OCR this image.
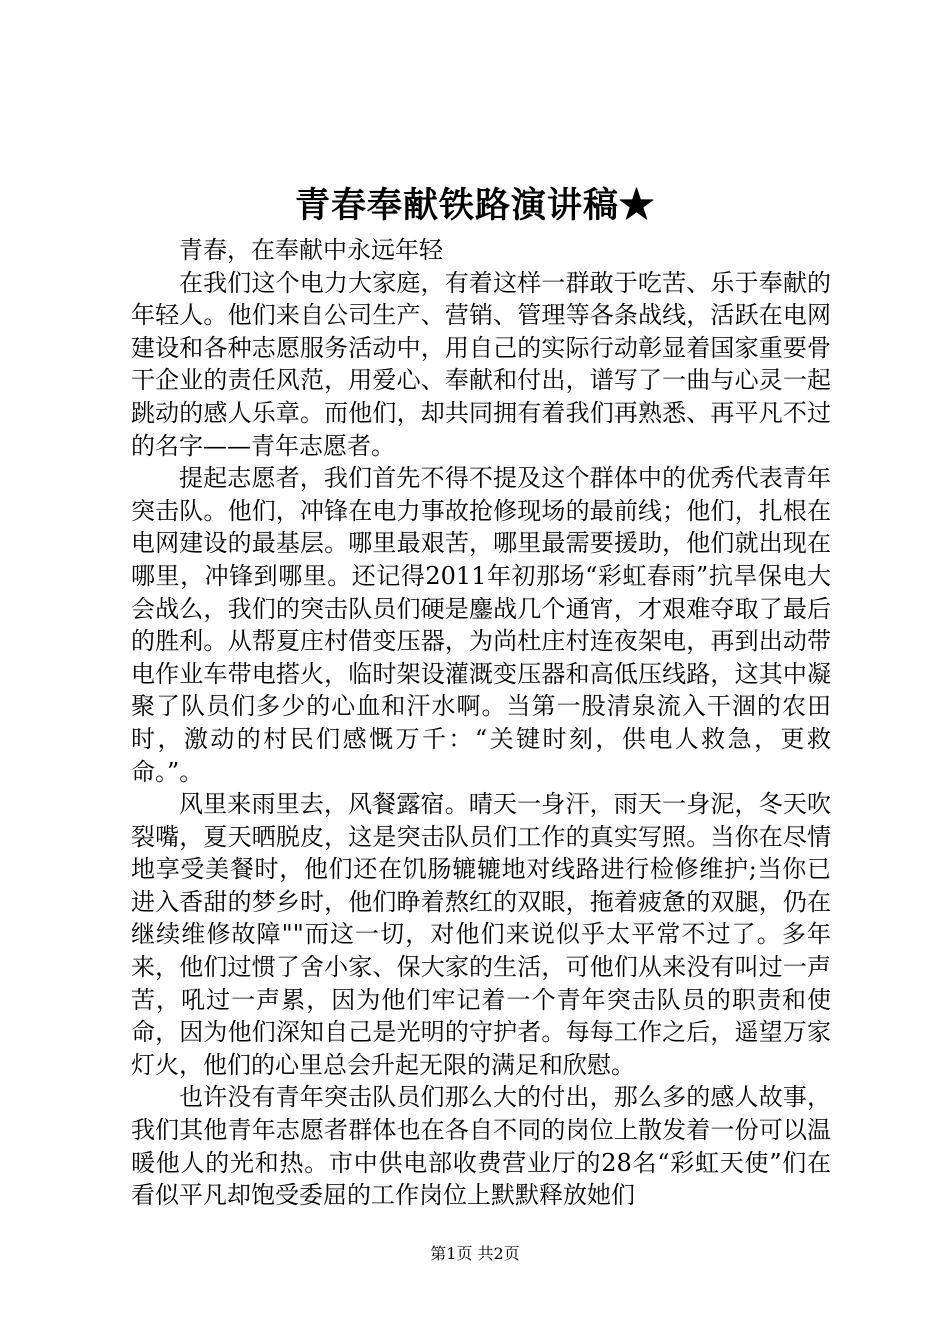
青春奉献铁路演讲稿★

青春，在奉献中永远年轻

在我们这个电力大家庭，有着这样一群敢于吃苦、乐于奉献的年轻人。他们来自公司生产、营销、管理等各条战线，活跃在电网建设和各种志愿服务活动中，用自己的实际行动彰显着国家重要骨干企业的责任风范，用爱心、奉献和付出，谱写了一曲与心灵一起跳动的感人乐章。而他们，却共同拥有着我们再熟悉、再平凡不过的名字——青年志愿者。

提起志愿者，我们首先不得不提及这个群体中的优秀代表青年突击队。他们，冲锋在电力事故抢修现场的最前线；他们，扎根在电网建设的最基层。哪里最艰苦，哪里最需要援助，他们就出现在哪里，冲锋到哪里。还记得2011年初那场“彩虹春雨”抗旱保电大会战么，我们的突击队员们硬是鏖战几个通宵，才艰难夺取了最后的胜利。从帮夏庄村借变压器，为尚杜庄村连夜架电，再到出动带电作业车带电搭火，临时架设灌溉变压器和高低压线路，这其中凝聚了队员们多少的心血和汗水啊。当第一股清泉流入干涸的农田时，激动的村民们感慨万千：“关键时刻，供电人救急，更救命。”。

风里来雨里去，风餐露宿。晴天一身汗，雨天一身泥，冬天吹裂嘴，夏天晒脱皮，这是突击队员们工作的真实写照。当你在尽情地享受美餐时，他们还在饥肠辘辘地对线路进行检修维护;当你已进入香甜的梦乡时，他们睁着熬红的双眼，拖着疲惫的双腿，仍在继续维修故障""而这一切，对他们来说似乎太平常不过了。多年来，他们过惯了舍小家、保大家的生活，可他们从来没有叫过一声苦，吼过一声累，因为他们牢记着一个青年突击队员的职责和使命，因为他们深知自己是光明的守护者。每每工作之后，遥望万家灯火，他们的心里总会升起无限的满足和欣慰。

也许没有青年突击队员们那么大的付出，那么多的感人故事，我们其他青年志愿者群体也在各自不同的岗位上散发着一份可以温暖他人的光和热。市中供电部收费营业厅的28名“彩虹天使”们在看似平凡却饱受委屈的工作岗位上默默释放她们

第1页 共2页
